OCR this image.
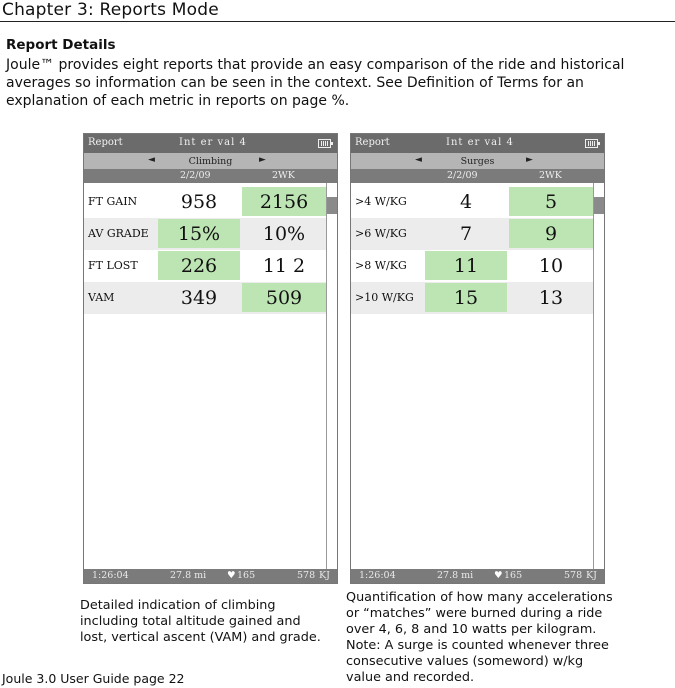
Chapter 3: Reports Mode
Report Details
Joule™ provides eight reports that provide an easy comparison of the ride and historical averages so information can be seen in the context. See Definition of Terms for an explanation of each metric in reports on page %.
Report	Int er val 4
◄	Climbing	►
2/2/09	2WK
FT GAIN	958	2156
AV GRADE	15%	10%
FT LOST	226	11 2
VAM	349	509
1:26:04	27.8 mi ♥ 165	578 KJ
Report	Int er val 4
◄	Surges	►
2/2/09	2WK
>4 W/KG	4	5
>6 W/KG	7	9
>8 W/KG	11	10
>10 W/KG	15	13
1:26:04	27.8 mi ♥ 165	578 KJ
Detailed indication of climbing including total altitude gained and lost, vertical ascent (VAM) and grade.
Quantification of how many accelerations or “matches” were burned during a ride over 4, 6, 8 and 10 watts per kilogram. Note: A surge is counted whenever three consecutive values (someword) w/kg value and recorded.
Joule 3.0 User Guide page 22
